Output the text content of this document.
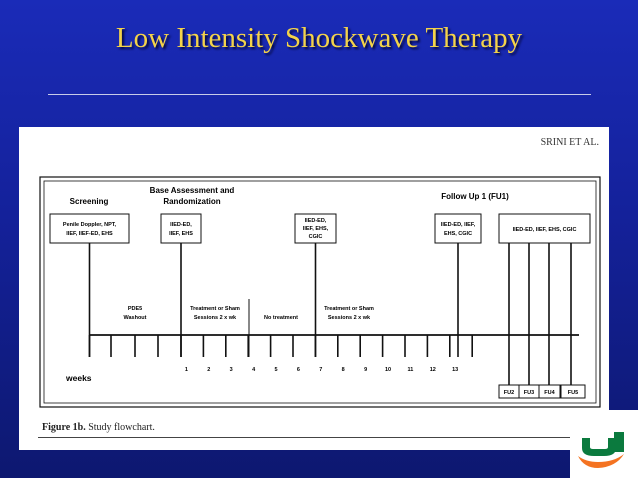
Low Intensity Shockwave Therapy
SRINI ET AL.
Screening
Base Assessment and
Randomization
Follow Up 1 (FU1)
Penile Doppler, NPT,
IIEF, IIEF-ED, EHS
IIED-ED,
IIEF, EHS
IIED-ED,
IIEF, EHS,
CGIC
IIED-ED, IIEF,
EHS, CGIC
IIED-ED, IIEF, EHS, CGIC
PDE5
Washout
Treatment or Sham
Sessions 2 x wk	No treatment
Treatment or Sham
Sessions 2 x wk
1	2	3	4	5	6	7	8	9	10	11	12	13
weeks
FU2 FU3 FU4 FU5
Figure 1b. Study flowchart.
